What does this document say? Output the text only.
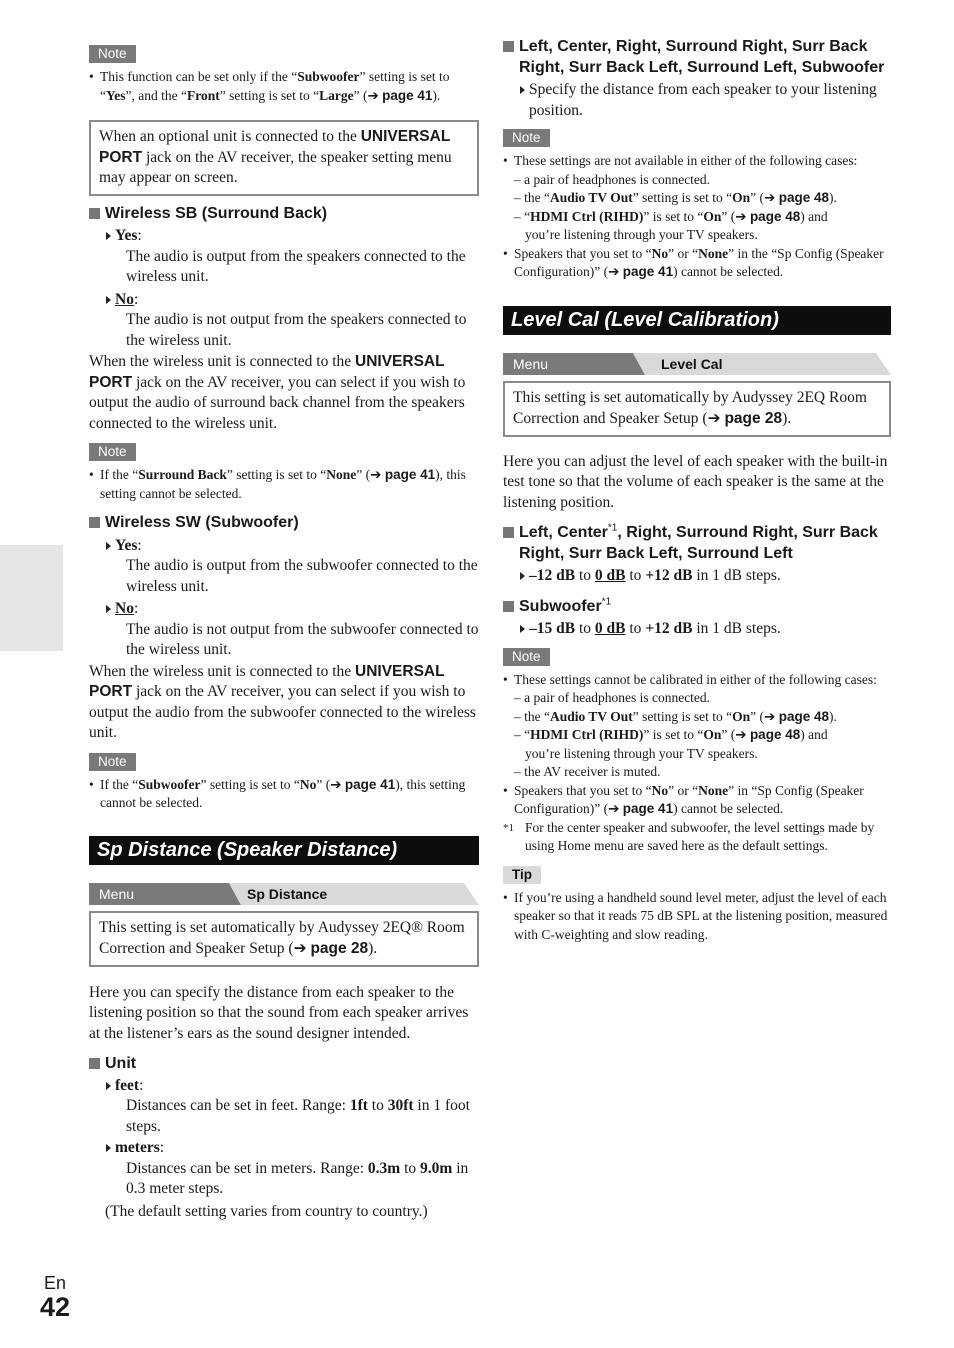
Note
• This function can be set only if the “Subwoofer” setting is set to “Yes”, and the “Front” setting is set to “Large” (➔ page 41).
When an optional unit is connected to the UNIVERSAL PORT jack on the AV receiver, the speaker setting menu may appear on screen.
Wireless SB (Surround Back)
Yes:
The audio is output from the speakers connected to the wireless unit.
No:
The audio is not output from the speakers connected to the wireless unit.

When the wireless unit is connected to the UNIVERSAL PORT jack on the AV receiver, you can select if you wish to output the audio of surround back channel from the speakers connected to the wireless unit.

Note
• If the “Surround Back” setting is set to “None” (➔ page 41), this setting cannot be selected.
Wireless SW (Subwoofer)
Yes:
The audio is output from the subwoofer connected to the wireless unit.
No:
The audio is not output from the subwoofer connected to the wireless unit.

When the wireless unit is connected to the UNIVERSAL PORT jack on the AV receiver, you can select if you wish to output the audio from the subwoofer connected to the wireless unit.

Note
• If the “Subwoofer” setting is set to “No” (➔ page 41), this setting cannot be selected.
Sp Distance (Speaker Distance)
Menu	Sp Distance
This setting is set automatically by Audyssey 2EQ® Room Correction and Speaker Setup (➔ page 28).

Here you can specify the distance from each speaker to the listening position so that the sound from each speaker arrives at the listener’s ears as the sound designer intended.

Unit
feet:
Distances can be set in feet. Range: 1ft to 30ft in 1 foot steps.
meters:
Distances can be set in meters. Range: 0.3m to 9.0m in 0.3 meter steps.

(The default setting varies from country to country.)

Left, Center, Right, Surround Right, Surr Back Right, Surr Back Left, Surround Left, Subwoofer
Specify the distance from each speaker to your listening position.
Note
• These settings are not available in either of the following cases:
– a pair of headphones is connected.
– the “Audio TV Out” setting is set to “On” (➔ page 48).
– “HDMI Ctrl (RIHD)” is set to “On” (➔ page 48) and
you’re listening through your TV speakers.
• Speakers that you set to “No” or “None” in the “Sp Config (Speaker Configuration)” (➔ page 41) cannot be selected.
Level Cal (Level Calibration)
Menu	Level Cal
This setting is set automatically by Audyssey 2EQ Room Correction and Speaker Setup (➔ page 28).

Here you can adjust the level of each speaker with the built-in test tone so that the volume of each speaker is the same at the listening position.

Left, Center$^{*1}$, Right, Surround Right, Surr Back Right, Surr Back Left, Surround Left
–12 dB to 0 dB to +12 dB in 1 dB steps.
Subwoofer$^{*1}$
–15 dB to 0 dB to +12 dB in 1 dB steps.
Note
• These settings cannot be calibrated in either of the following cases:
– a pair of headphones is connected.
– the “Audio TV Out” setting is set to “On” (➔ page 48).
– “HDMI Ctrl (RIHD)” is set to “On” (➔ page 48) and
you’re listening through your TV speakers.
– the AV receiver is muted.
• Speakers that you set to “No” or “None” in “Sp Config (Speaker Configuration)” (➔ page 41) cannot be selected.
*1 For the center speaker and subwoofer, the level settings made by using Home menu are saved here as the default settings.
Tip
• If you’re using a handheld sound level meter, adjust the level of each speaker so that it reads 75 dB SPL at the listening position, measured with C-weighting and slow reading.
En
42
